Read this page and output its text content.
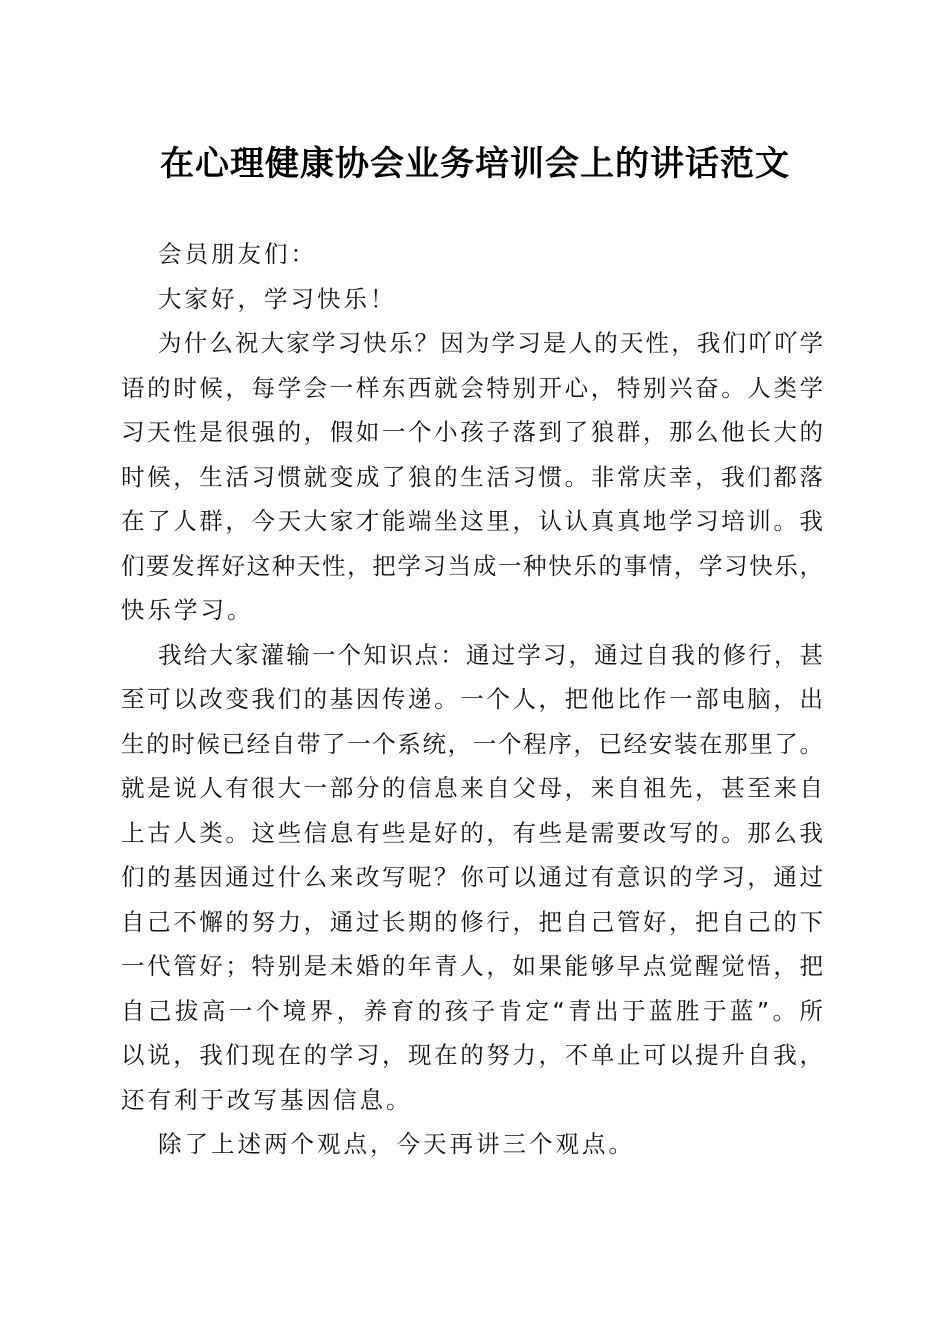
在心理健康协会业务培训会上的讲话范文
会员朋友们：
大家好，学习快乐！
为什么祝大家学习快乐？因为学习是人的天性，我们吖吖学
语的时候，每学会一样东西就会特别开心，特别兴奋。人类学
习天性是很强的，假如一个小孩子落到了狼群，那么他长大的
时候，生活习惯就变成了狼的生活习惯。非常庆幸，我们都落
在了人群，今天大家才能端坐这里，认认真真地学习培训。我
们要发挥好这种天性，把学习当成一种快乐的事情，学习快乐，
快乐学习。
我给大家灌输一个知识点：通过学习，通过自我的修行，甚
至可以改变我们的基因传递。一个人，把他比作一部电脑，出
生的时候已经自带了一个系统，一个程序，已经安装在那里了。
就是说人有很大一部分的信息来自父母，来自祖先，甚至来自
上古人类。这些信息有些是好的，有些是需要改写的。那么我
们的基因通过什么来改写呢？你可以通过有意识的学习，通过
自己不懈的努力，通过长期的修行，把自己管好，把自己的下
一代管好；特别是未婚的年青人，如果能够早点觉醒觉悟，把
自己拔高一个境界，养育的孩子肯定“青出于蓝胜于蓝”。所
以说，我们现在的学习，现在的努力，不单止可以提升自我，
还有利于改写基因信息。
除了上述两个观点，今天再讲三个观点。
